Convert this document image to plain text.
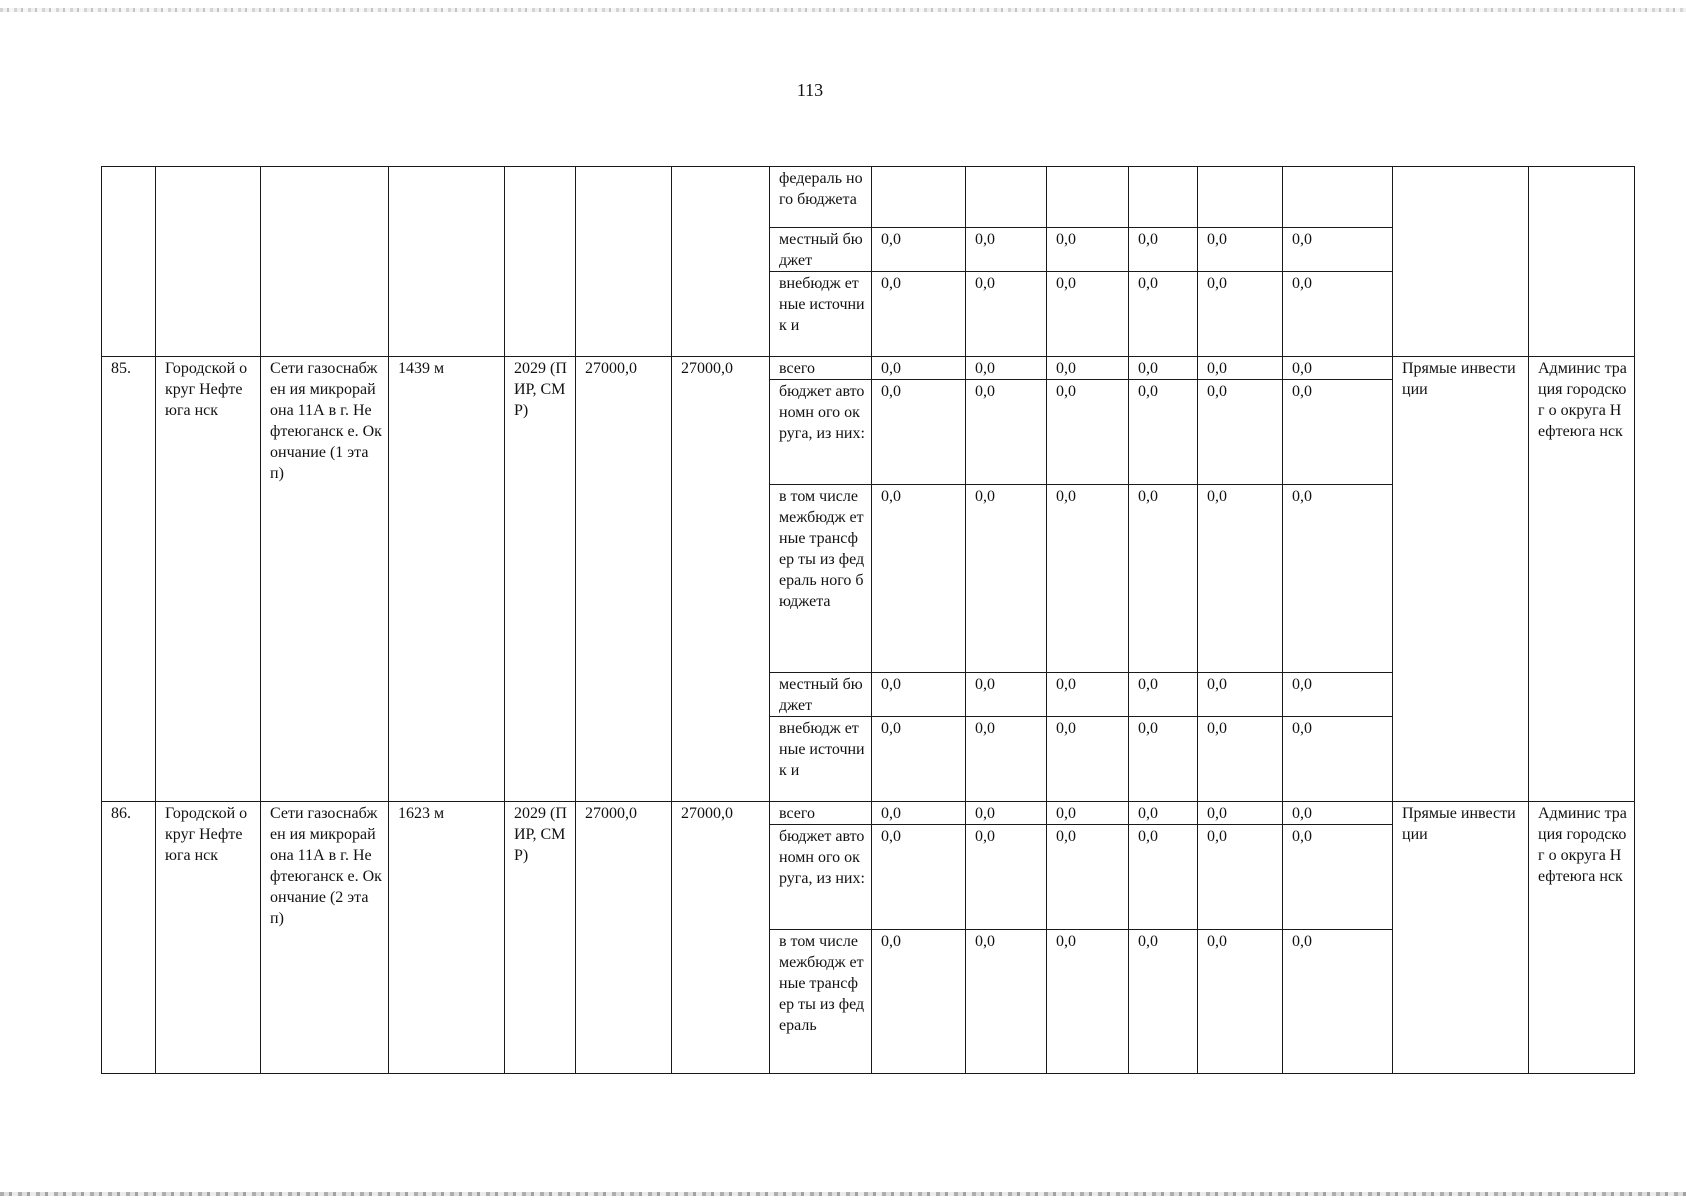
113
							федераль ного бюджета								
							местный бюджет	0,0	0,0	0,0	0,0	0,0	0,0		
							внебюдж етные источник и	0,0	0,0	0,0	0,0	0,0	0,0		
85.	Городской округ Нефтеюга нск	Сети газоснабжен ия микрорайона 11А в г. Нефтеюганск е. Окончание (1 этап)	1439 м	2029 (ПИР, СМР)	27000,0	27000,0	всего	0,0	0,0	0,0	0,0	0,0	0,0	Прямые инвестиции	Админис трация городског о округа Нефтеюга нск
							бюджет автономн ого округа, из них:	0,0	0,0	0,0	0,0	0,0	0,0		
							в том числе межбюдж етные трансфер ты из федераль ного бюджета	0,0	0,0	0,0	0,0	0,0	0,0		
							местный бюджет	0,0	0,0	0,0	0,0	0,0	0,0		
							внебюдж етные источник и	0,0	0,0	0,0	0,0	0,0	0,0		
86.	Городской округ Нефтеюга нск	Сети газоснабжен ия микрорайона 11А в г. Нефтеюганск е. Окончание (2 этап)	1623 м	2029 (ПИР, СМР)	27000,0	27000,0	всего	0,0	0,0	0,0	0,0	0,0	0,0	Прямые инвестиции	Админис трация городског о округа Нефтеюга нск
							бюджет автономн ого округа, из них:	0,0	0,0	0,0	0,0	0,0	0,0		
							в том числе межбюдж етные трансфер ты из федераль	0,0	0,0	0,0	0,0	0,0	0,0		
